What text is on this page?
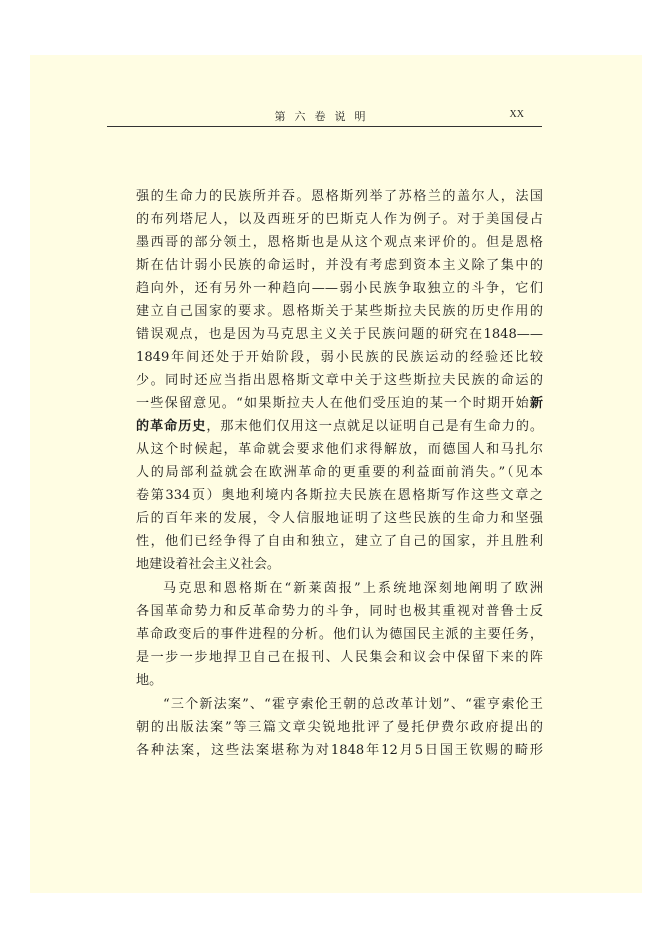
第六卷说明	XX
强的生命力的民族所并吞。恩格斯列举了苏格兰的盖尔人，法国
的布列塔尼人，以及西班牙的巴斯克人作为例子。对于美国侵占
墨西哥的部分领土，恩格斯也是从这个观点来评价的。但是恩格
斯在估计弱小民族的命运时，并没有考虑到资本主义除了集中的
趋向外，还有另外一种趋向——弱小民族争取独立的斗争，它们
建立自己国家的要求。恩格斯关于某些斯拉夫民族的历史作用的
错误观点，也是因为马克思主义关于民族问题的研究在1848——
1849年间还处于开始阶段，弱小民族的民族运动的经验还比较
少。同时还应当指出恩格斯文章中关于这些斯拉夫民族的命运的
一些保留意见。“如果斯拉夫人在他们受压迫的某一个时期开始新
的革命历史，那末他们仅用这一点就足以证明自己是有生命力的。
从这个时候起，革命就会要求他们求得解放，而德国人和马扎尔
人的局部利益就会在欧洲革命的更重要的利益面前消失。”（见本
卷第334页）奥地利境内各斯拉夫民族在恩格斯写作这些文章之
后的百年来的发展，令人信服地证明了这些民族的生命力和坚强
性，他们已经争得了自由和独立，建立了自己的国家，并且胜利
地建设着社会主义社会。
马克思和恩格斯在“新莱茵报”上系统地深刻地阐明了欧洲
各国革命势力和反革命势力的斗争，同时也极其重视对普鲁士反
革命政变后的事件进程的分析。他们认为德国民主派的主要任务，
是一步一步地捍卫自己在报刊、人民集会和议会中保留下来的阵
地。
“三个新法案”、“霍亨索伦王朝的总改革计划”、“霍亨索伦王
朝的出版法案”等三篇文章尖锐地批评了曼托伊费尔政府提出的
各种法案，这些法案堪称为对1848年12月5日国王钦赐的畸形
